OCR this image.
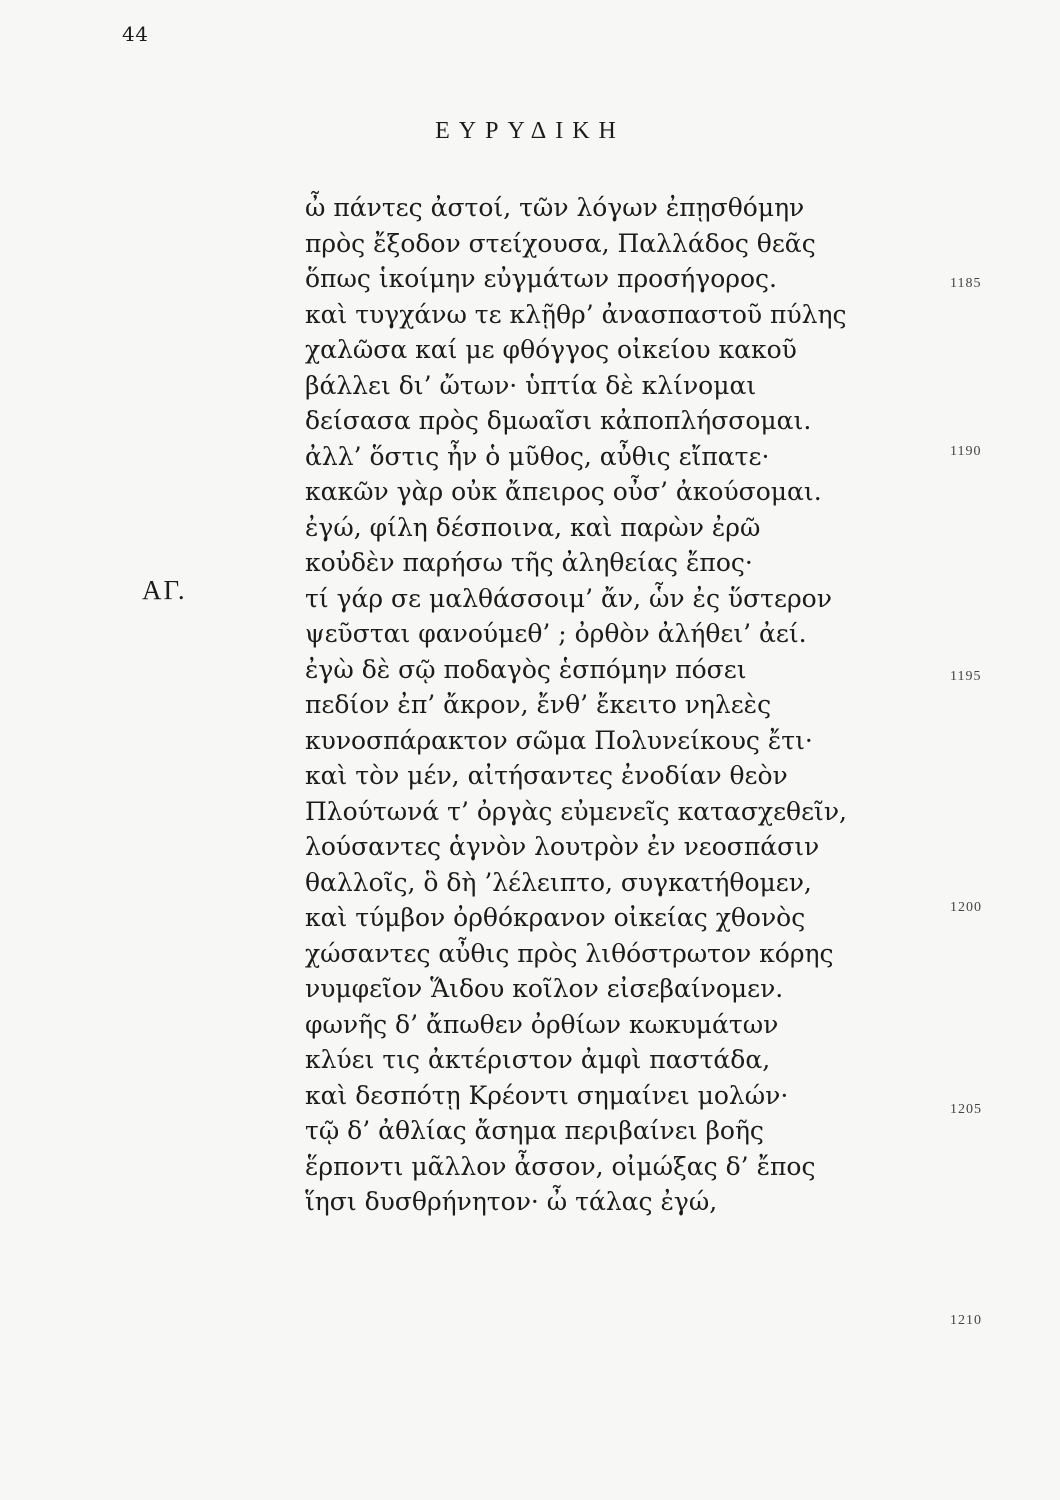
44
ΕΥΡΥΔΙΚΗ
ΑΓ.
ὦ πάντες ἀστοί, τῶν λόγων ἐπῃσθόμην
πρὸς ἔξοδον στείχουσα, Παλλάδος θεᾶς
ὅπως ἱκοίμην εὐγμάτων προσήγορος.
καὶ τυγχάνω τε κλῇθρ’ ἀνασπαστοῦ πύλης
χαλῶσα καί με φθόγγος οἰκείου κακοῦ
βάλλει δι’ ὤτων· ὑπτία δὲ κλίνομαι
δείσασα πρὸς δμωαῖσι κἀποπλήσσομαι.
ἀλλ’ ὅστις ἦν ὁ μῦθος, αὖθις εἴπατε·
κακῶν γὰρ οὐκ ἄπειρος οὖσ’ ἀκούσομαι.
ἐγώ, φίλη δέσποινα, καὶ παρὼν ἐρῶ
κοὐδὲν παρήσω τῆς ἀληθείας ἔπος·
τί γάρ σε μαλθάσσοιμ’ ἄν, ὧν ἐς ὕστερον
ψεῦσται φανούμεθ’ ; ὀρθὸν ἀλήθει’ ἀεί.
ἐγὼ δὲ σῷ ποδαγὸς ἑσπόμην πόσει
πεδίον ἐπ’ ἄκρον, ἔνθ’ ἔκειτο νηλεὲς
κυνοσπάρακτον σῶμα Πολυνείκους ἔτι·
καὶ τὸν μέν, αἰτήσαντες ἐνοδίαν θεὸν
Πλούτωνά τ’ ὀργὰς εὐμενεῖς κατασχεθεῖν,
λούσαντες ἁγνὸν λουτρὸν ἐν νεοσπάσιν
θαλλοῖς, ὃ δὴ ’λέλειπτο, συγκατήθομεν,
καὶ τύμβον ὀρθόκρανον οἰκείας χθονὸς
χώσαντες αὖθις πρὸς λιθόστρωτον κόρης
νυμφεῖον Ἅιδου κοῖλον εἰσεβαίνομεν.
φωνῆς δ’ ἄπωθεν ὀρθίων κωκυμάτων
κλύει τις ἀκτέριστον ἀμφὶ παστάδα,
καὶ δεσπότῃ Κρέοντι σημαίνει μολών·
τῷ δ’ ἀθλίας ἄσημα περιβαίνει βοῆς
ἕρποντι μᾶλλον ἆσσον, οἰμώξας δ’ ἔπος
ἵησι δυσθρήνητον· ὦ τάλας ἐγώ,
1185
1190
1195
1200
1205
1210
